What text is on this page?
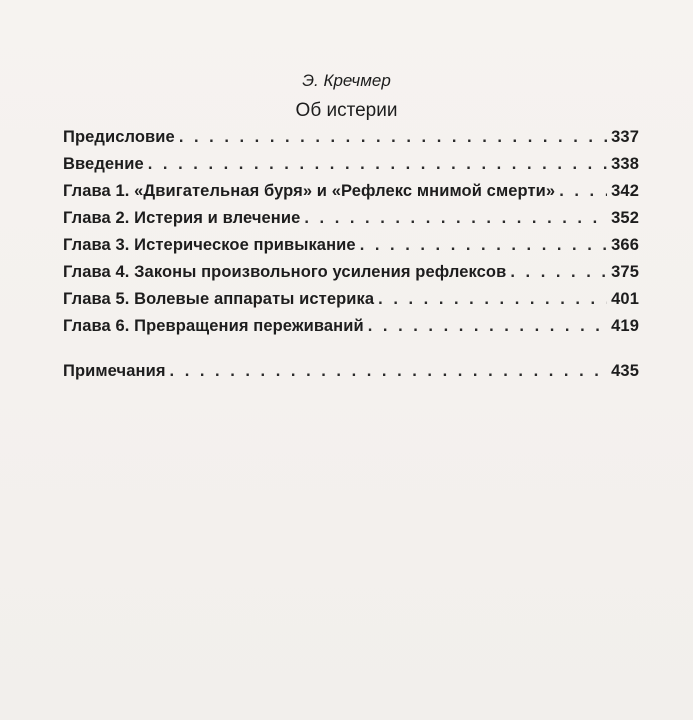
Э. Кречмер
Об истерии
Предисловие . . .	337
Введение . . .	338
Глава 1. «Двигательная буря» и «Рефлекс мнимой смерти» . . .	342
Глава 2. Истерия и влечение . . .	352
Глава 3. Истерическое привыкание . . .	366
Глава 4. Законы произвольного усиления рефлексов . . .	375
Глава 5. Волевые аппараты истерика . . .	401
Глава 6. Превращения переживаний . . .	419
Примечания . . .	435
